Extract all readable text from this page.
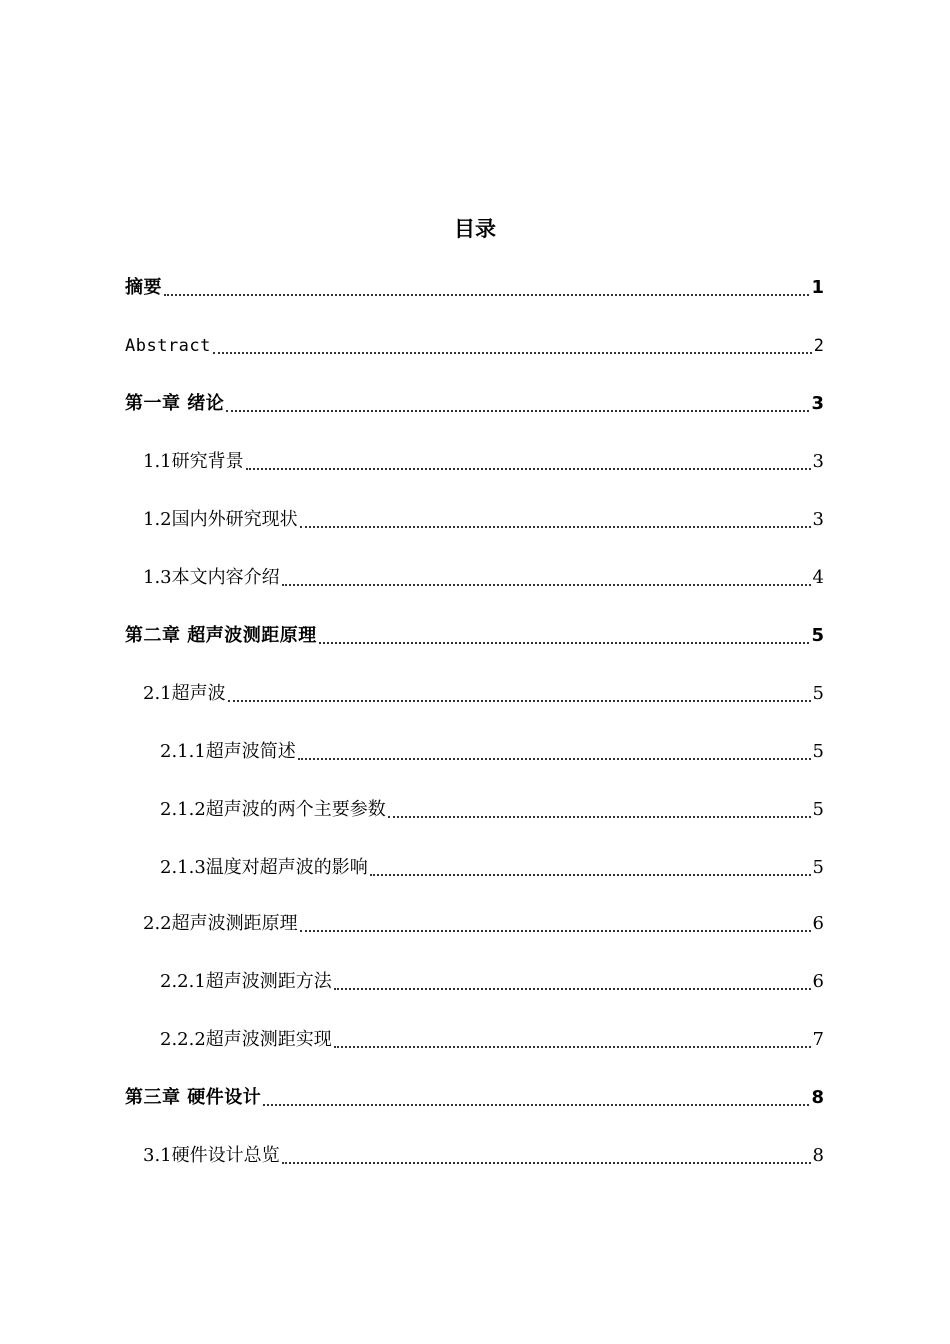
目录
摘要	1
Abstract	2
第一章 绪论	3
1.1研究背景	3
1.2国内外研究现状	3
1.3本文内容介绍	4
第二章 超声波测距原理	5
2.1超声波	5
2.1.1超声波简述	5
2.1.2超声波的两个主要参数	5
2.1.3温度对超声波的影响	5
2.2超声波测距原理	6
2.2.1超声波测距方法	6
2.2.2超声波测距实现	7
第三章 硬件设计	8
3.1硬件设计总览	8
